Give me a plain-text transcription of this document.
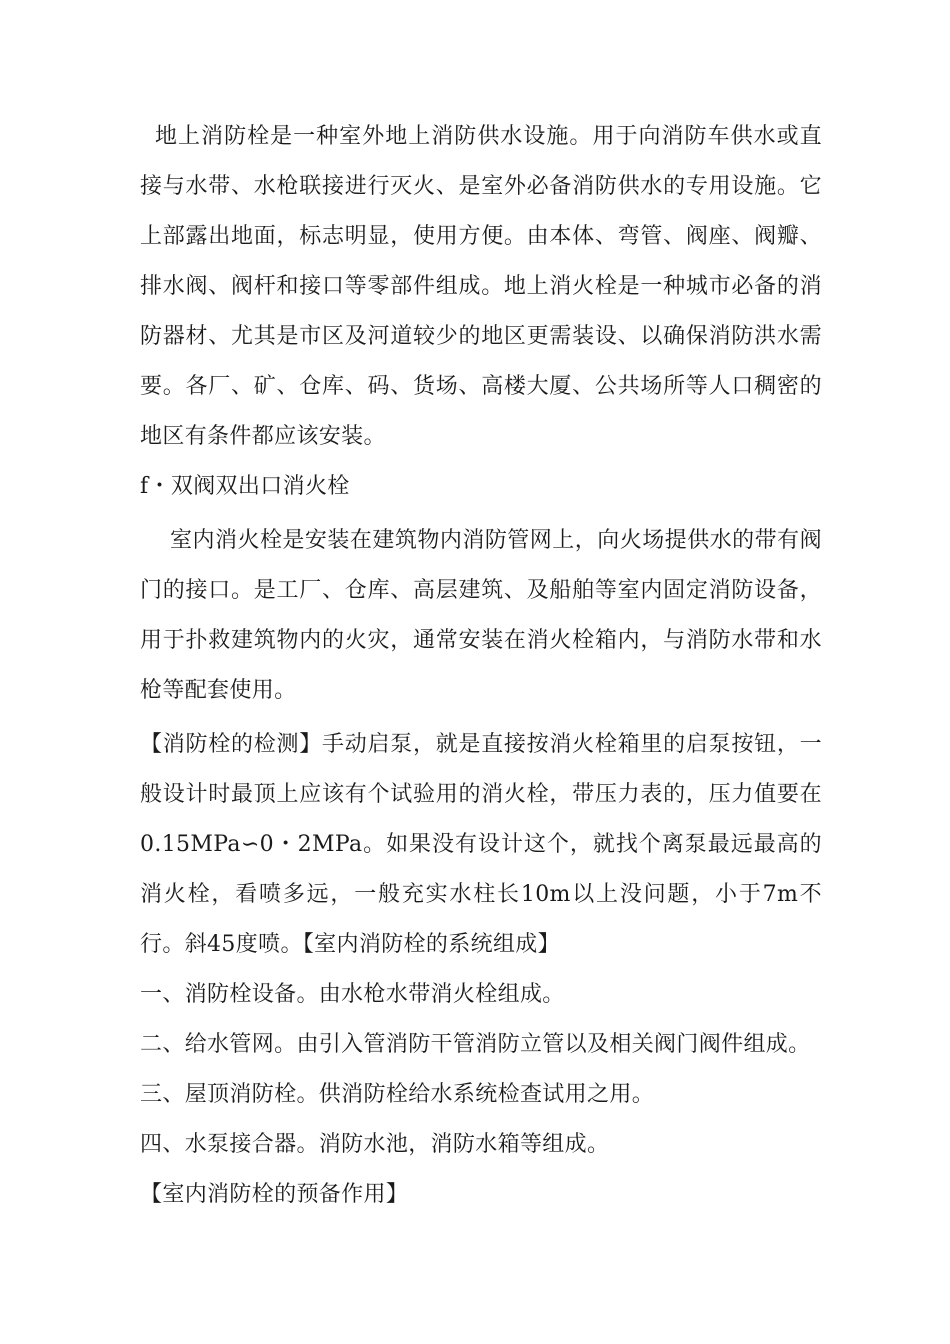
地上消防栓是一种室外地上消防供水设施。用于向消防车供水或直接与水带、水枪联接进行灭火、是室外必备消防供水的专用设施。它上部露出地面，标志明显，使用方便。由本体、弯管、阀座、阀瓣、排水阀、阀杆和接口等零部件组成。地上消火栓是一种城市必备的消防器材、尤其是市区及河道较少的地区更需装设、以确保消防洪水需要。各厂、矿、仓库、码、货场、高楼大厦、公共场所等人口稠密的地区有条件都应该安装。

f・双阀双出口消火栓

室内消火栓是安装在建筑物内消防管网上，向火场提供水的带有阀门的接口。是工厂、仓库、高层建筑、及船舶等室内固定消防设备，用于扑救建筑物内的火灾，通常安装在消火栓箱内，与消防水带和水枪等配套使用。

【消防栓的检测】手动启泵，就是直接按消火栓箱里的启泵按钮，一般设计时最顶上应该有个试验用的消火栓，带压力表的，压力值要在0.15MPa∽0・2MPa。如果没有设计这个，就找个离泵最远最高的消火栓，看喷多远，一般充实水柱长10m以上没问题，小于7m不行。斜45度喷。【室内消防栓的系统组成】

一、消防栓设备。由水枪水带消火栓组成。

二、给水管网。由引入管消防干管消防立管以及相关阀门阀件组成。

三、屋顶消防栓。供消防栓给水系统检查试用之用。

四、水泵接合器。消防水池，消防水箱等组成。

【室内消防栓的预备作用】
